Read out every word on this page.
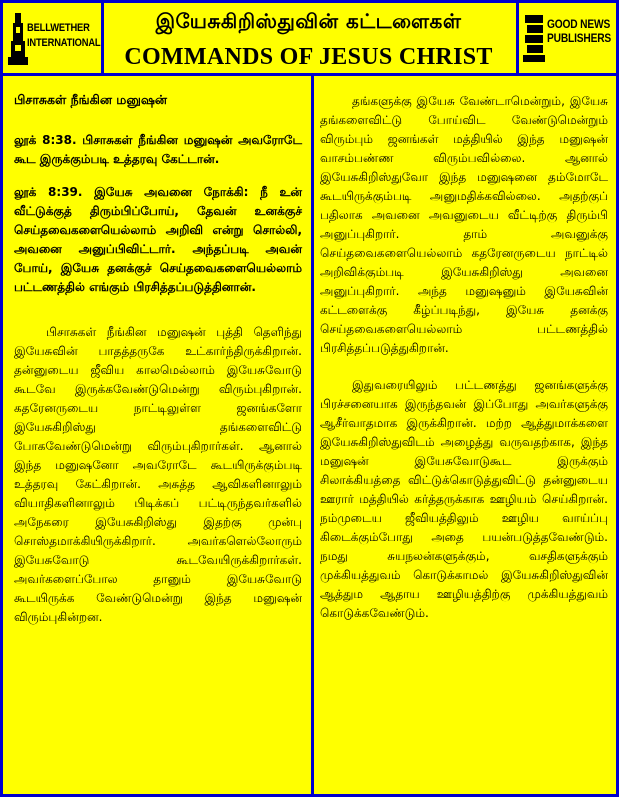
BELLWETHER
INTERNATIONAL
இயேசுகிறிஸ்துவின் கட்டளைகள்
COMMANDS OF JESUS CHRIST
GOOD NEWS
PUBLISHERS
பிசாசுகள் நீங்கின மனுஷன்
லூக் 8:38. பிசாசுகள் நீங்கின மனுஷன் அவரோடே கூட இருக்கும்படி உத்தரவு கேட்டான்.
லூக் 8:39. இயேசு அவனை நோக்கி: நீ உன் வீட்டுக்குத் திரும்பிப்போய், தேவன் உனக்குச் செய்தவைகளையெல்லாம் அறிவி என்று சொல்லி, அவனை அனுப்பிவிட்டார். அந்தப்படி அவன் போய், இயேசு தனக்குச் செய்தவைகளையெல்லாம் பட்டணத்தில் எங்கும் பிரசித்தப்படுத்தினான்.
பிசாசுகள் நீங்கின மனுஷன் புத்தி தெளிந்து இயேசுவின் பாதத்தருகே உட்கார்ந்திருக்கிறான். தன்னுடைய ஜீவிய காலமெல்லாம் இயேசுவோடு கூடவே இருக்கவேண்டுமென்று விரும்புகிறான். கதரேனருடைய நாட்டிலுள்ள ஜனங்களோ இயேசுகிறிஸ்து தங்களைவிட்டு போகவேண்டுமென்று விரும்புகிறார்கள். ஆனால் இந்த மனுஷனோ அவரோடே கூடயிருக்கும்படி உத்தரவு கேட்கிறான். அசுத்த ஆவிகளினாலும் வியாதிகளினாலும் பிடிக்கப் பட்டிருந்தவர்களில் அநேகரை இயேசுகிறிஸ்து இதற்கு முன்பு சொஸ்தமாக்கியிருக்கிறார். அவர்களெல்லோரும் இயேசுவோடு கூடவேயிருக்கிறார்கள். அவர்களைப்போல தானும் இயேசுவோடு கூடயிருக்க வேண்டுமென்று இந்த மனுஷன் விரும்புகின்றன.
தங்களுக்கு இயேசு வேண்டாமென்றும், இயேசு தங்களைவிட்டு போய்விட வேண்டுமென்றும் விரும்பும் ஜனங்கள் மத்தியில் இந்த மனுஷன் வாசம்பண்ண விரும்பவில்லை. ஆனால் இயேசுகிறிஸ்துவோ இந்த மனுஷனை தம்மோடே கூடயிருக்கும்படி அனுமதிக்கவில்லை. அதற்குப் பதிலாக அவனை அவனுடைய வீட்டிற்கு திரும்பி அனுப்புகிறார். தாம் அவனுக்கு செய்தவைகளையெல்லாம் கதரேனருடைய நாட்டில் அறிவிக்கும்படி இயேசுகிறிஸ்து அவனை அனுப்புகிறார். அந்த மனுஷனும் இயேசுவின் கட்டளைக்கு கீழ்ப்படிந்து, இயேசு தனக்கு செய்தவைகளையெல்லாம் பட்டணத்தில் பிரசித்தப்படுத்துகிறான்.
இதுவரையிலும் பட்டணத்து ஜனங்களுக்கு பிரச்சனையாக இருந்தவன் இப்போது அவர்களுக்கு ஆசீர்வாதமாக இருக்கிறான். மற்ற ஆத்துமாக்களை இயேசுகிறிஸ்துவிடம் அழைத்து வருவதற்காக, இந்த மனுஷன் இயேசுவோடுகூட இருக்கும் சிலாக்கியத்தை விட்டுக்கொடுத்துவிட்டு தன்னுடைய ஊரார் மத்தியில் கர்த்தருக்காக ஊழியம் செய்கிறான். நம்முடைய ஜீவியத்திலும் ஊழிய வாய்ப்பு கிடைக்கும்போது அதை பயன்படுத்தவேண்டும். நமது சுயநலன்களுக்கும், வசதிகளுக்கும் முக்கியத்துவம் கொடுக்காமல் இயேசுகிறிஸ்துவின் ஆத்தும ஆதாய ஊழியத்திற்கு முக்கியத்துவம் கொடுக்கவேண்டும்.
